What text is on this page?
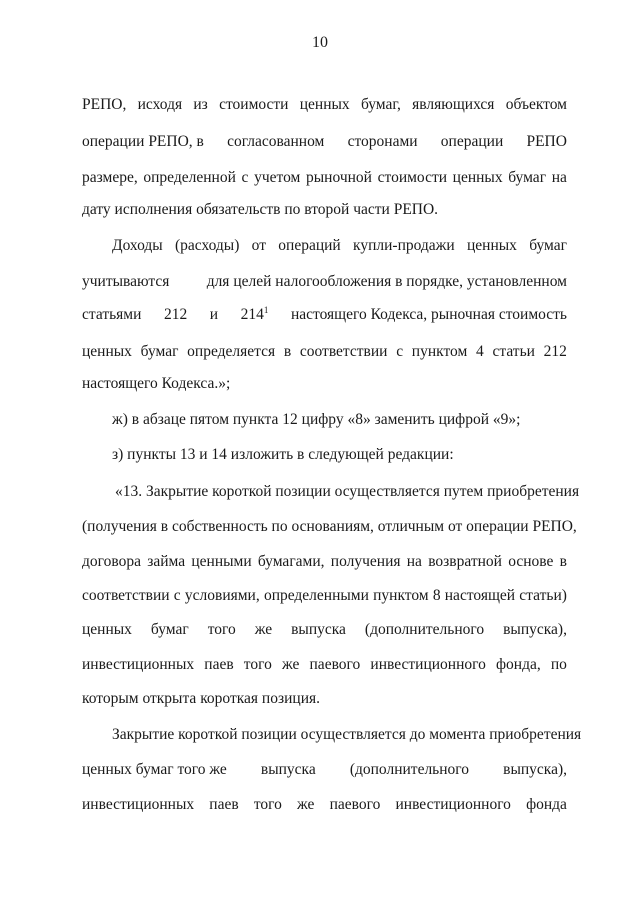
10
РЕПО, исходя из стоимости ценных бумаг, являющихся объектом
операции РЕПО, в согласованном сторонами операции РЕПО
размере, определенной с учетом рыночной стоимости ценных бумаг на
дату исполнения обязательств по второй части РЕПО.
Доходы (расходы) от операций купли-продажи ценных бумаг
учитываются для целей налогообложения в порядке, установленном
статьями 212 и $214^1$ настоящего Кодекса, рыночная стоимость
ценных бумаг определяется в соответствии с пунктом 4 статьи 212
настоящего Кодекса.»;
ж) в абзаце пятом пункта 12 цифру «8» заменить цифрой «9»;
з) пункты 13 и 14 изложить в следующей редакции:
«13. Закрытие короткой позиции осуществляется путем приобретения
(получения в собственность по основаниям, отличным от операции РЕПО,
договора займа ценными бумагами, получения на возвратной основе в
соответствии с условиями, определенными пунктом 8 настоящей статьи)
ценных бумаг того же выпуска (дополнительного выпуска),
инвестиционных паев того же паевого инвестиционного фонда, по
которым открыта короткая позиция.
Закрытие короткой позиции осуществляется до момента приобретения
ценных бумаг того же выпуска (дополнительного выпуска),
инвестиционных паев того же паевого инвестиционного фонда
